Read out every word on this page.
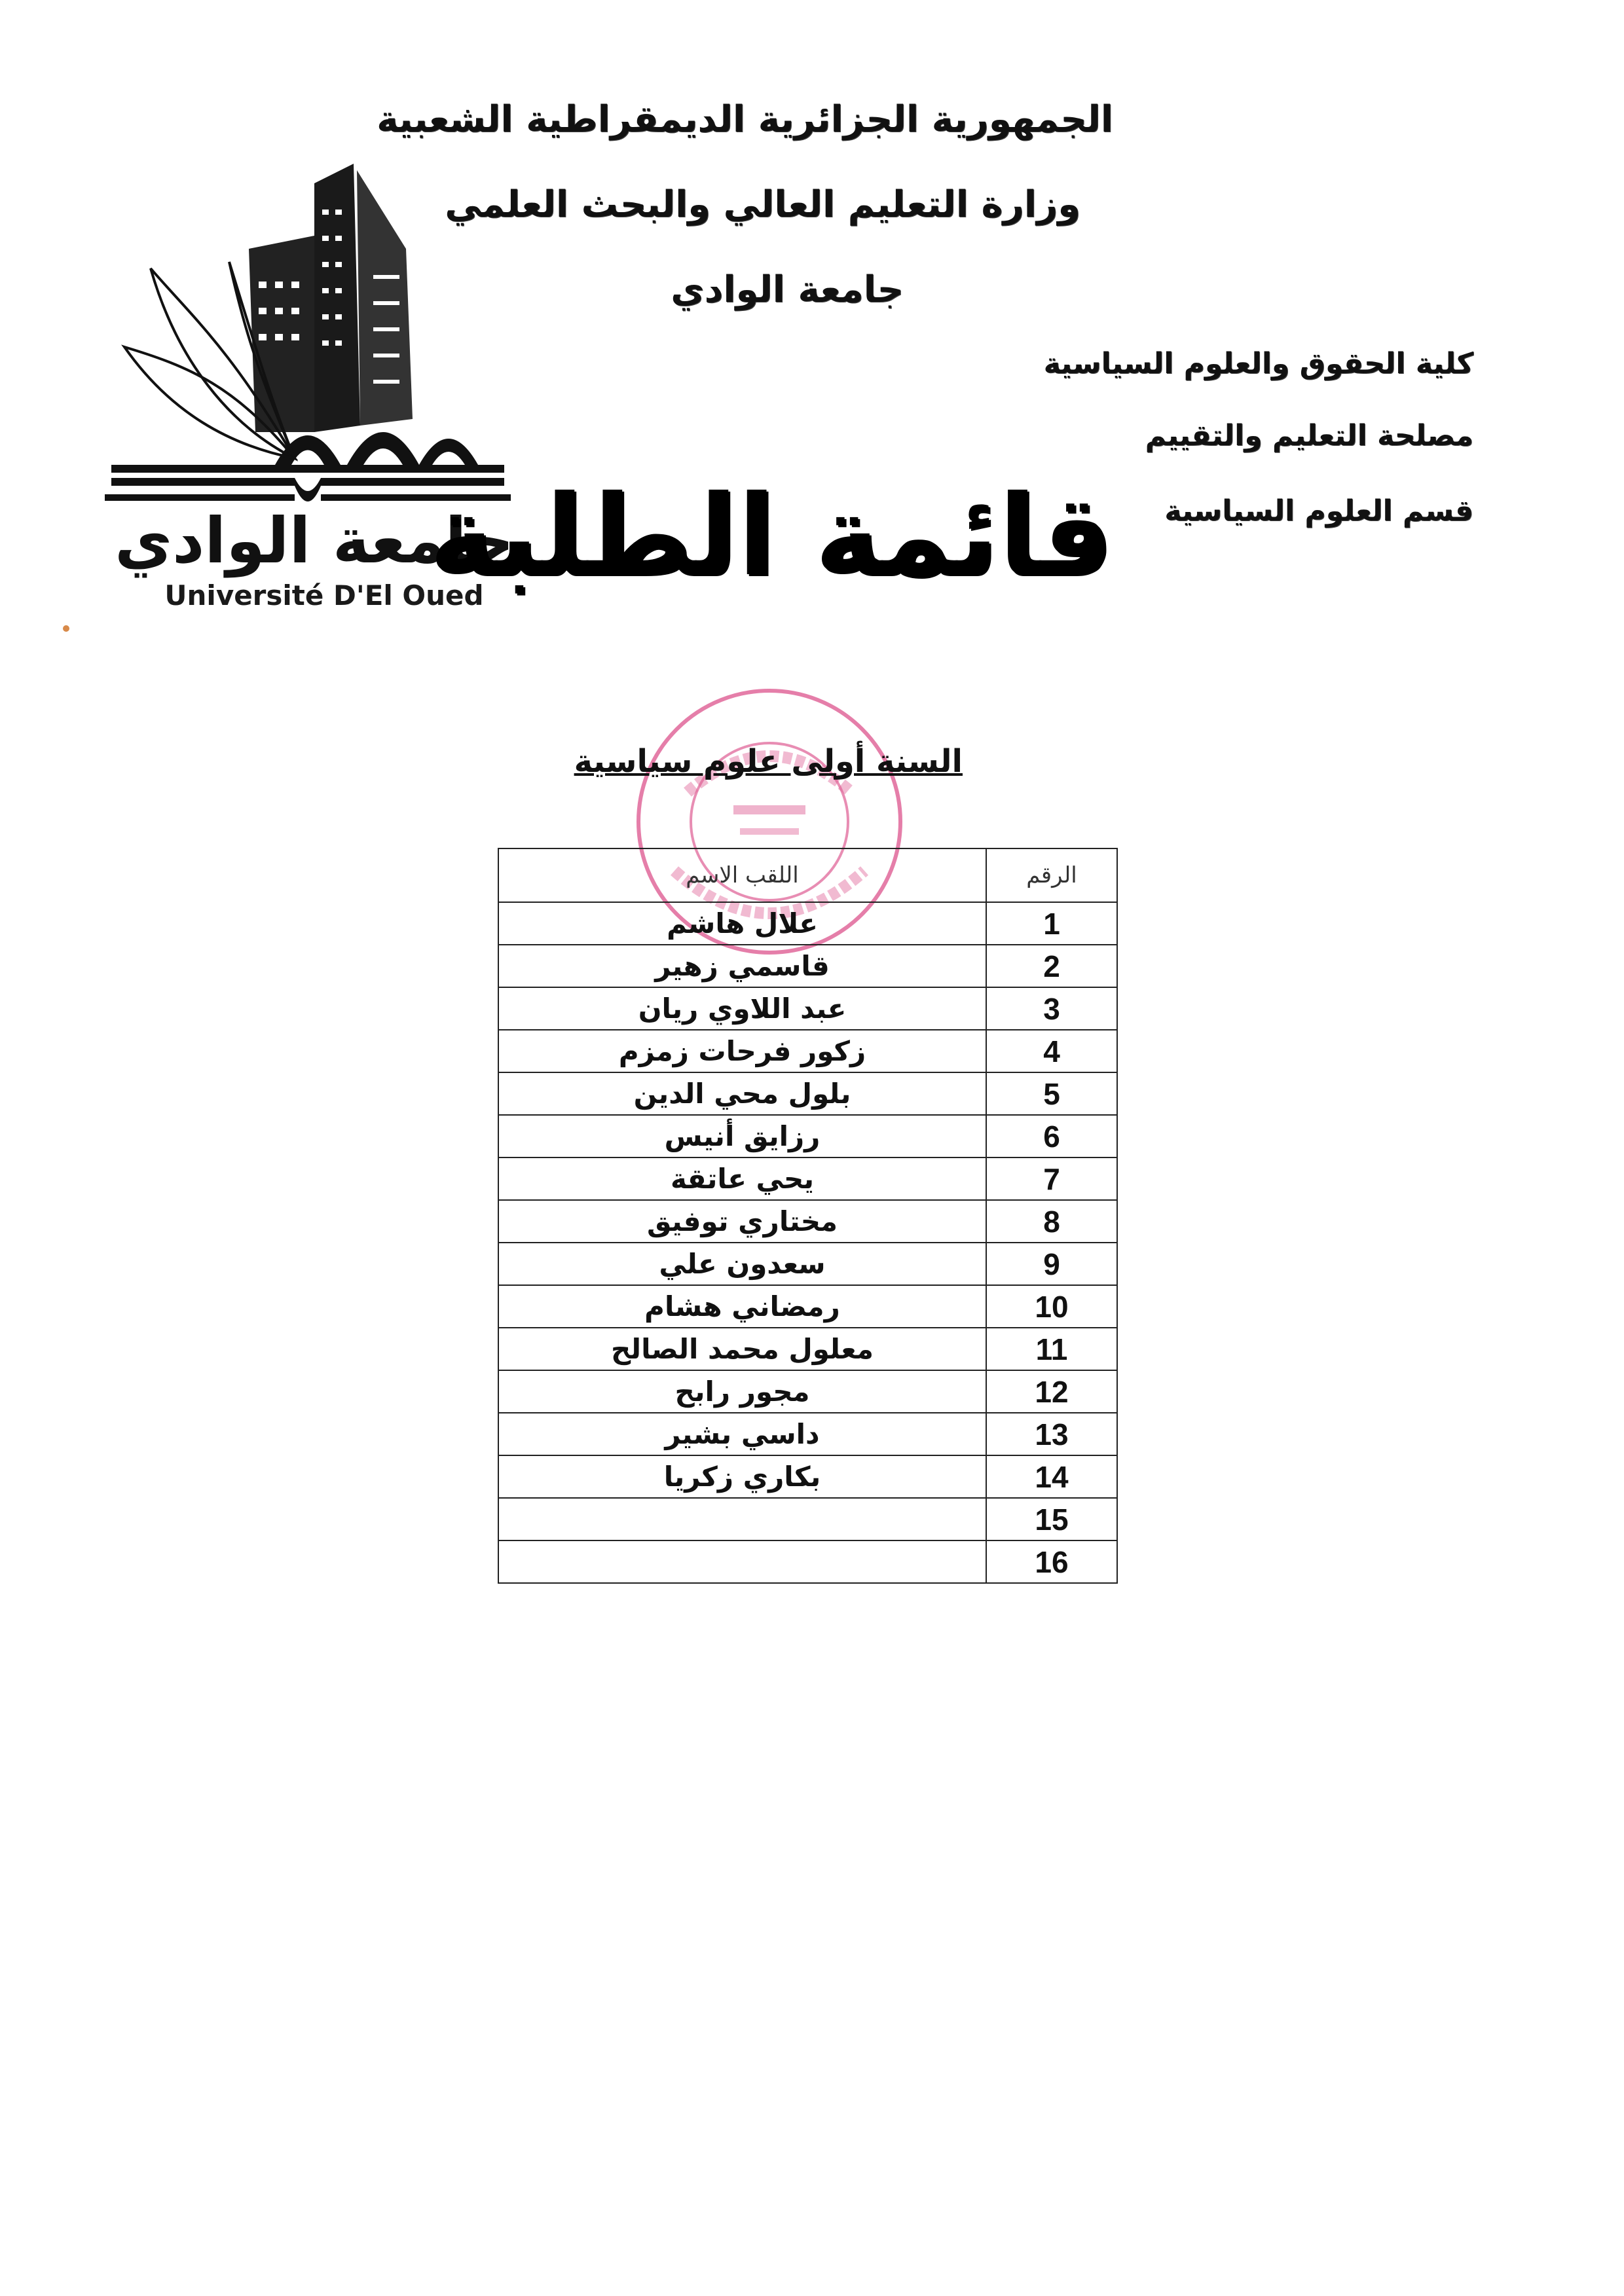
الجمهورية الجزائرية الديمقراطية الشعبية
وزارة التعليم العالي والبحث العلمي
جامعة الوادي
كلية الحقوق والعلوم السياسية
مصلحة التعليم والتقييم
قسم العلوم السياسية
جامعة الوادي
Université D'El Oued
قائمة الطلبة
السنة أولى علوم سياسية
الرقم	اللقب الاسم
1	علال هاشم
2	قاسمي زهير
3	عبد اللاوي ريان
4	زكور فرحات زمزم
5	بلول محي الدين
6	رزايق أنيس
7	يحي عاتقة
8	مختاري توفيق
9	سعدون علي
10	رمضاني هشام
11	معلول محمد الصالح
12	مجور رابح
13	داسي بشير
14	بكاري زكريا
15	
16	
